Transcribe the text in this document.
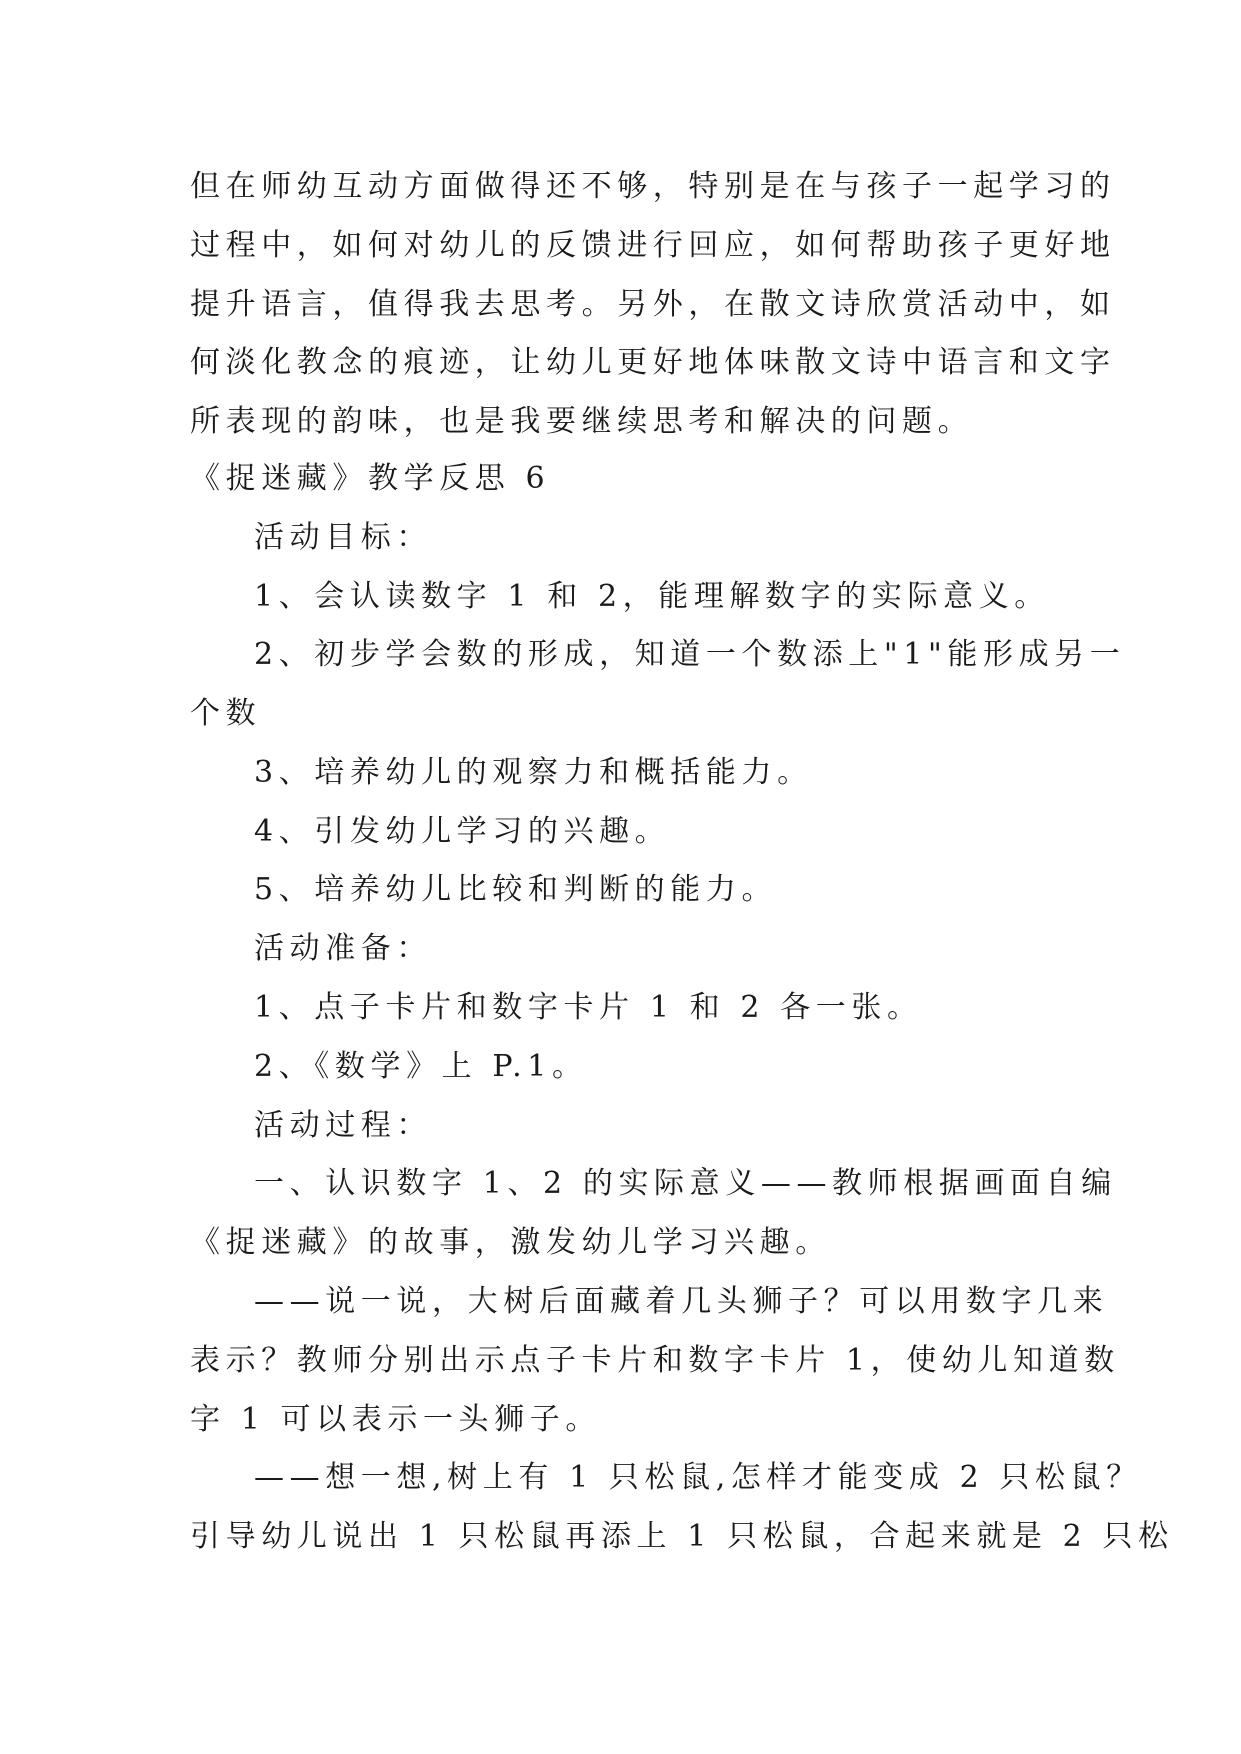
但在师幼互动方面做得还不够，特别是在与孩子一起学习的
过程中，如何对幼儿的反馈进行回应，如何帮助孩子更好地
提升语言，值得我去思考。另外，在散文诗欣赏活动中，如
何淡化教念的痕迹，让幼儿更好地体味散文诗中语言和文字
所表现的韵味，也是我要继续思考和解决的问题。
《捉迷藏》教学反思 6
活动目标：
1、会认读数字 1 和 2，能理解数字的实际意义。
2、初步学会数的形成，知道一个数添上"1"能形成另一
个数
3、培养幼儿的观察力和概括能力。
4、引发幼儿学习的兴趣。
5、培养幼儿比较和判断的能力。
活动准备：
1、点子卡片和数字卡片 1 和 2 各一张。
2、《数学》上 P.1。
活动过程：
一、认识数字 1、2 的实际意义——教师根据画面自编
《捉迷藏》的故事，激发幼儿学习兴趣。
——说一说，大树后面藏着几头狮子？可以用数字几来
表示？教师分别出示点子卡片和数字卡片 1，使幼儿知道数
字 1 可以表示一头狮子。
——想一想,树上有 1 只松鼠,怎样才能变成 2 只松鼠？
引导幼儿说出 1 只松鼠再添上 1 只松鼠，合起来就是 2 只松
